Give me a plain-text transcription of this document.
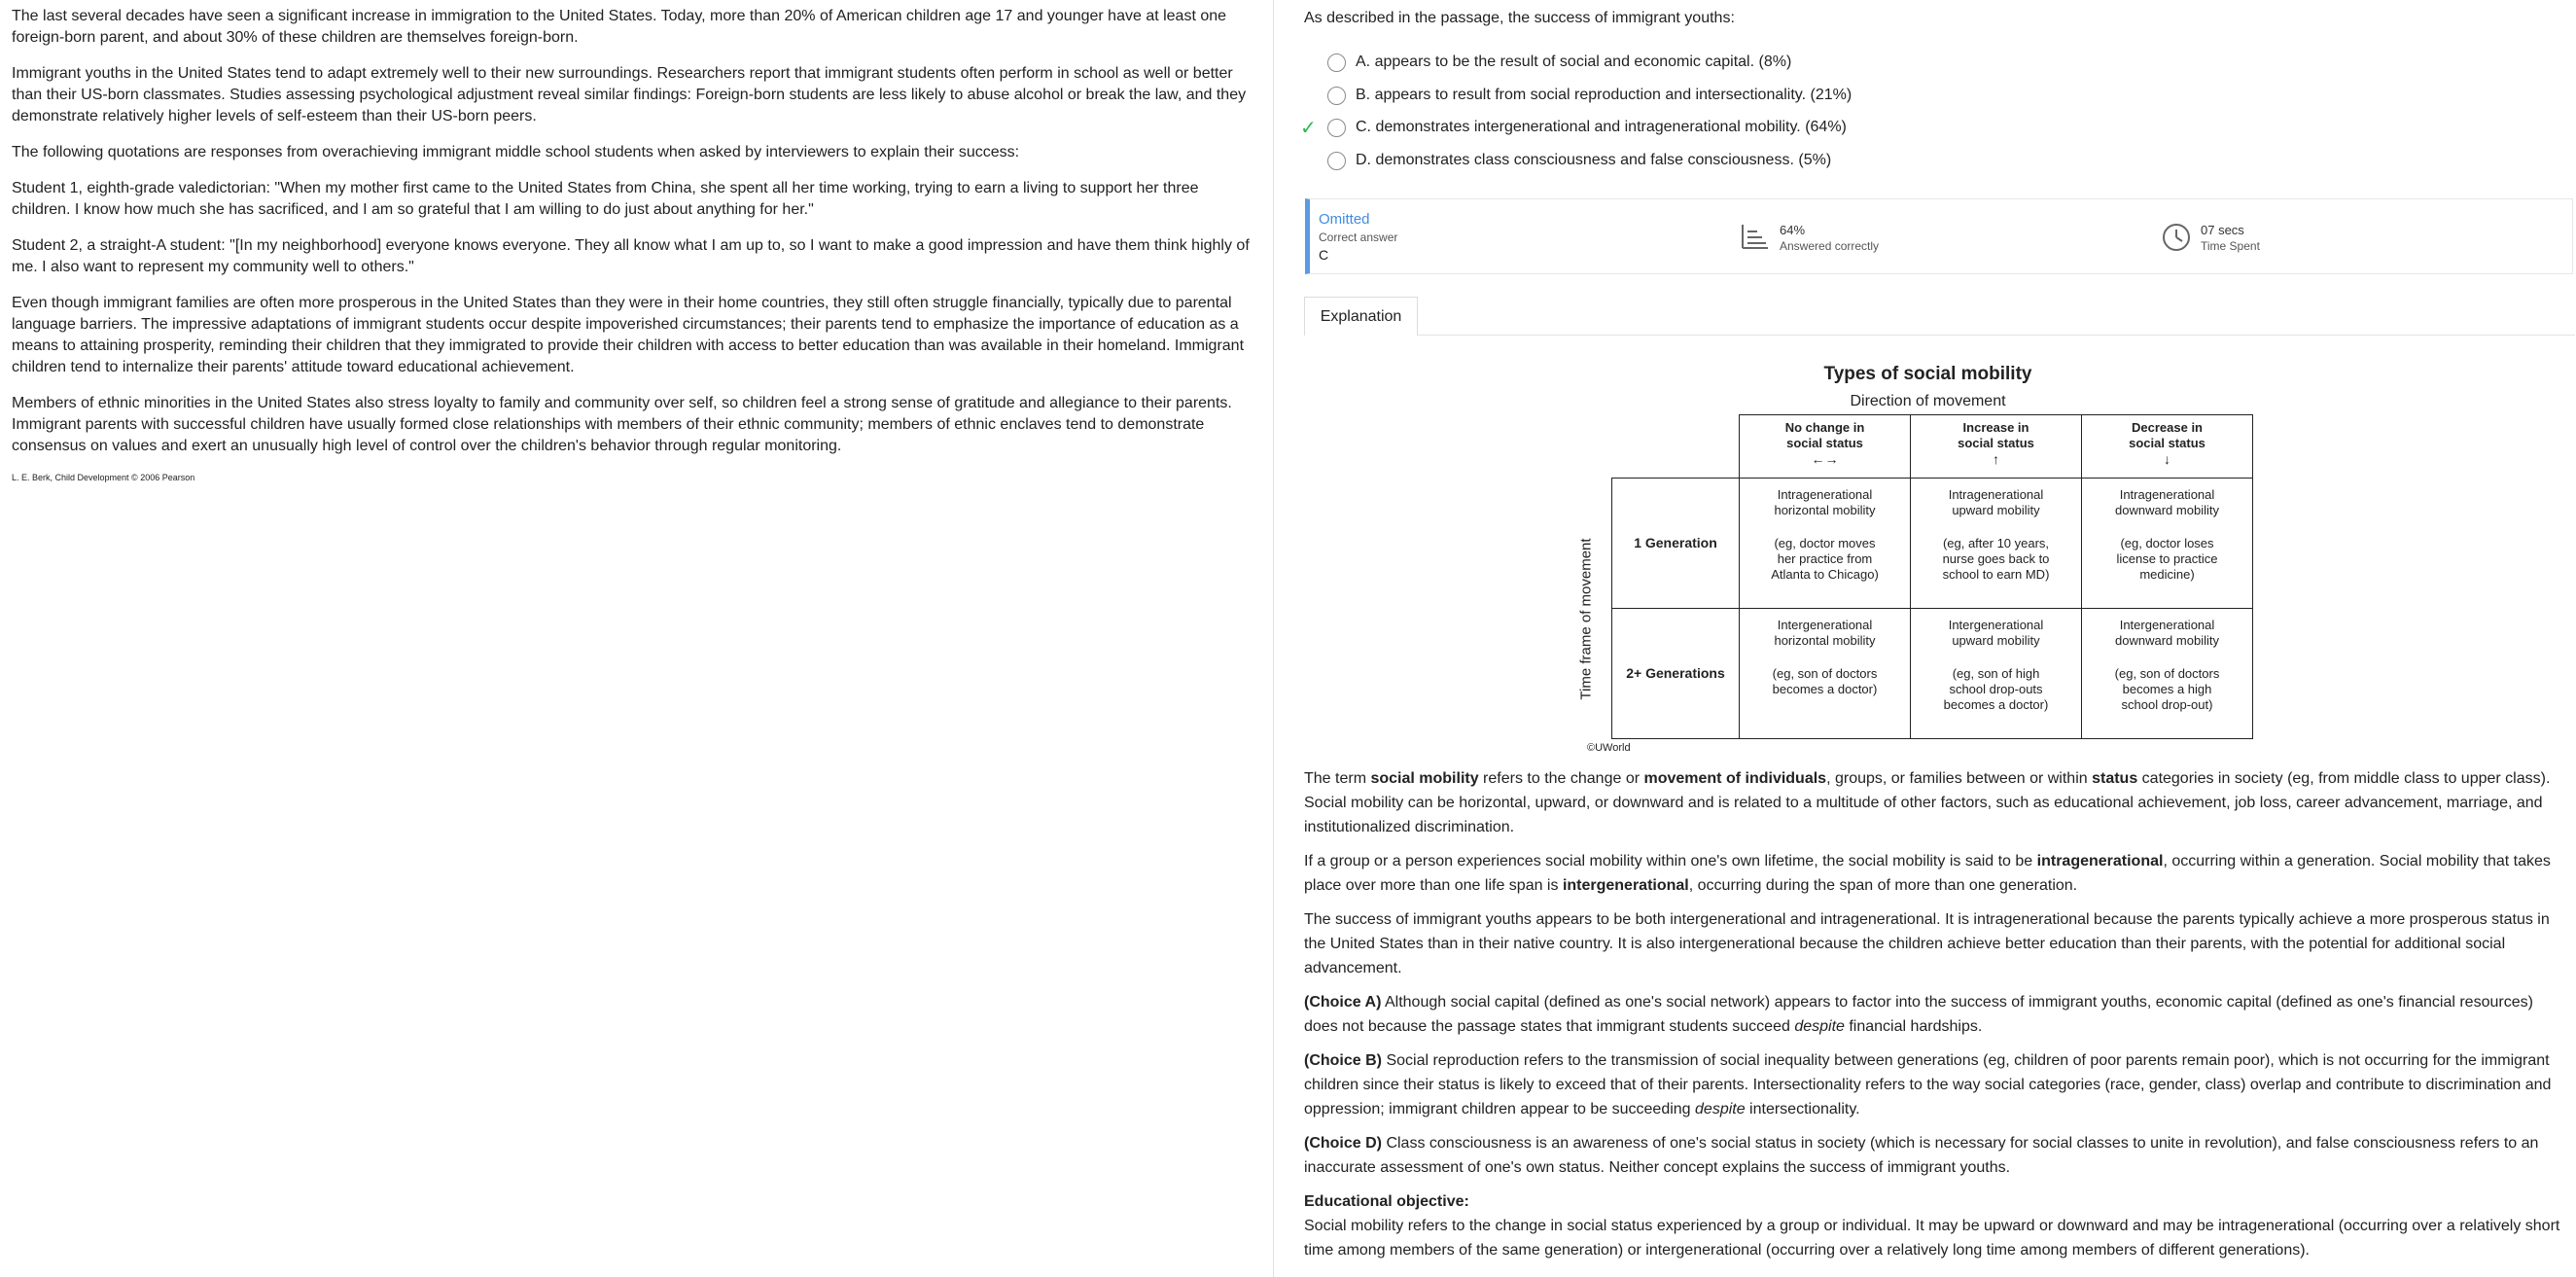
The last several decades have seen a significant increase in immigration to the United States. Today, more than 20% of American children age 17 and younger have at least one foreign-born parent, and about 30% of these children are themselves foreign-born.

Immigrant youths in the United States tend to adapt extremely well to their new surroundings. Researchers report that immigrant students often perform in school as well or better than their US-born classmates. Studies assessing psychological adjustment reveal similar findings: Foreign-born students are less likely to abuse alcohol or break the law, and they demonstrate relatively higher levels of self-esteem than their US-born peers.

The following quotations are responses from overachieving immigrant middle school students when asked by interviewers to explain their success:

Student 1, eighth-grade valedictorian: "When my mother first came to the United States from China, she spent all her time working, trying to earn a living to support her three children. I know how much she has sacrificed, and I am so grateful that I am willing to do just about anything for her."

Student 2, a straight-A student: "[In my neighborhood] everyone knows everyone. They all know what I am up to, so I want to make a good impression and have them think highly of me. I also want to represent my community well to others."

Even though immigrant families are often more prosperous in the United States than they were in their home countries, they still often struggle financially, typically due to parental language barriers. The impressive adaptations of immigrant students occur despite impoverished circumstances; their parents tend to emphasize the importance of education as a means to attaining prosperity, reminding their children that they immigrated to provide their children with access to better education than was available in their homeland. Immigrant children tend to internalize their parents' attitude toward educational achievement.

Members of ethnic minorities in the United States also stress loyalty to family and community over self, so children feel a strong sense of gratitude and allegiance to their parents. Immigrant parents with successful children have usually formed close relationships with members of their ethnic community; members of ethnic enclaves tend to demonstrate consensus on values and exert an unusually high level of control over the children's behavior through regular monitoring.

L. E. Berk, Child Development © 2006 Pearson

As described in the passage, the success of immigrant youths:
A.
appears to be the result of social and economic capital.
(8%)
B.
appears to result from social reproduction and intersectionality.
(21%)
✓	C.
demonstrates intergenerational and intragenerational mobility.
(64%)
D.
demonstrates class consciousness and false consciousness.
(5%)
Omitted
Correct answer
C
64%
Answered correctly
07 secs
Time Spent
Explanation
Types of social mobility
Direction of movement
Time frame of movement
	No change in
social status
←→	Increase in
social status
↑	Decrease in
social status
↓

1 Generation	Intragenerational
horizontal mobility
(eg, doctor moves
her practice from
Atlanta to Chicago)	Intragenerational
upward mobility
(eg, after 10 years,
nurse goes back to
school to earn MD)	Intragenerational
downward mobility
(eg, doctor loses
license to practice
medicine)
2+ Generations	Intergenerational
horizontal mobility
(eg, son of doctors
becomes a doctor)	Intergenerational
upward mobility
(eg, son of high
school drop-outs
becomes a doctor)	Intergenerational
downward mobility
(eg, son of doctors
becomes a high
school drop-out)
©UWorld

The term social mobility refers to the change or movement of individuals, groups, or families between or within status categories in society (eg, from middle class to upper class). Social mobility can be horizontal, upward, or downward and is related to a multitude of other factors, such as educational achievement, job loss, career advancement, marriage, and institutionalized discrimination.

If a group or a person experiences social mobility within one's own lifetime, the social mobility is said to be intragenerational, occurring within a generation. Social mobility that takes place over more than one life span is intergenerational, occurring during the span of more than one generation.

The success of immigrant youths appears to be both intergenerational and intragenerational. It is intragenerational because the parents typically achieve a more prosperous status in the United States than in their native country. It is also intergenerational because the children achieve better education than their parents, with the potential for additional social advancement.

(Choice A) Although social capital (defined as one's social network) appears to factor into the success of immigrant youths, economic capital (defined as one's financial resources) does not because the passage states that immigrant students succeed despite financial hardships.

(Choice B) Social reproduction refers to the transmission of social inequality between generations (eg, children of poor parents remain poor), which is not occurring for the immigrant children since their status is likely to exceed that of their parents. Intersectionality refers to the way social categories (race, gender, class) overlap and contribute to discrimination and oppression; immigrant children appear to be succeeding despite intersectionality.

(Choice D) Class consciousness is an awareness of one's social status in society (which is necessary for social classes to unite in revolution), and false consciousness refers to an inaccurate assessment of one's own status. Neither concept explains the success of immigrant youths.

Educational objective:

Social mobility refers to the change in social status experienced by a group or individual. It may be upward or downward and may be intragenerational (occurring over a relatively short time among members of the same generation) or intergenerational (occurring over a relatively long time among members of different generations).
